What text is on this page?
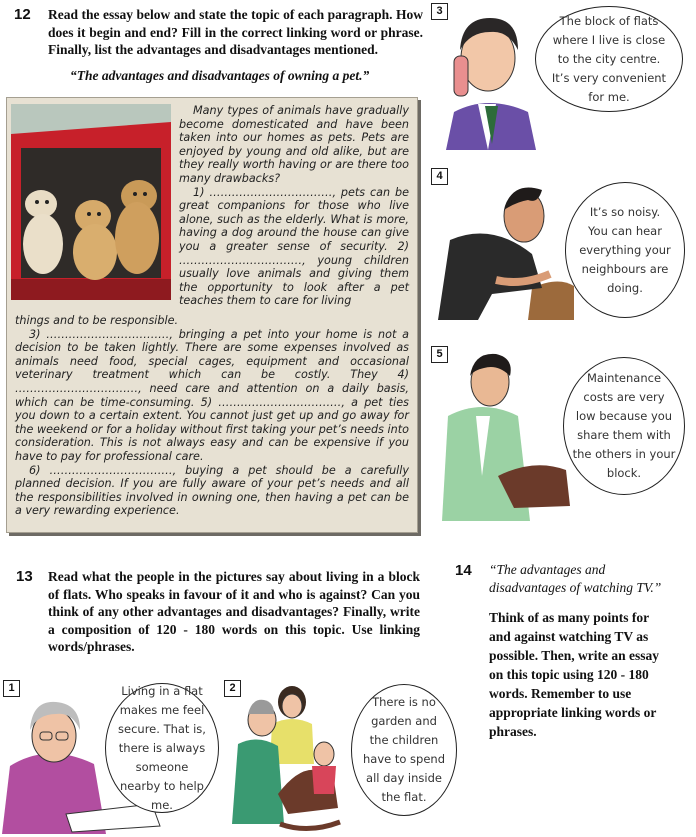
12 Read the essay below and state the topic of each paragraph. How does it begin and end? Fill in the correct linking word or phrase. Finally, list the advantages and disadvantages mentioned.
“The advantages and disadvantages of owning a pet.”

Many types of animals have gradually become domesticated and have been taken into our homes as pets. Pets are enjoyed by young and old alike, but are they really worth having or are there too many drawbacks?

1) ……………………………, pets can be great companions for those who live alone, such as the elderly. What is more, having a dog around the house can give you a greater sense of security. 2) ……………………………, young children usually love animals and giving them the opportunity to look after a pet teaches them to care for living

things and to be responsible.

3) ……………………………, bringing a pet into your home is not a decision to be taken lightly. There are some expenses involved as animals need food, special cages, equipment and occasional veterinary treatment which can be costly. They 4) ……………………………, need care and attention on a daily basis, which can be time-consuming. 5) ……………………………, a pet ties you down to a certain extent. You cannot just get up and go away for the weekend or for a holiday without first taking your pet’s needs into consideration. This is not always easy and can be expensive if you have to pay for professional care.

6) ……………………………, buying a pet should be a carefully planned decision. If you are fully aware of your pet’s needs and all the responsibilities involved in owning one, then having a pet can be a very rewarding experience.

3
The block of flats where I live is close to the city centre. It’s very convenient for me.
4
It’s so noisy. You can hear everything your neighbours are doing.
5
Maintenance costs are very low because you share them with the others in your block.
13 Read what the people in the pictures say about living in a block of flats. Who speaks in favour of it and who is against? Can you think of any other advantages and disadvantages? Finally, write a composition of 120 - 180 words on this topic. Use linking words/phrases.
1	Living in a flat makes me feel secure. That is, there is always someone nearby to help me.
2
There is no garden and the children have to spend all day inside the flat.
14 “The advantages and disadvantages of watching TV.”
Think of as many points for and against watching TV as possible. Then, write an essay on this topic using 120 - 180 words. Remember to use appropriate linking words or phrases.
